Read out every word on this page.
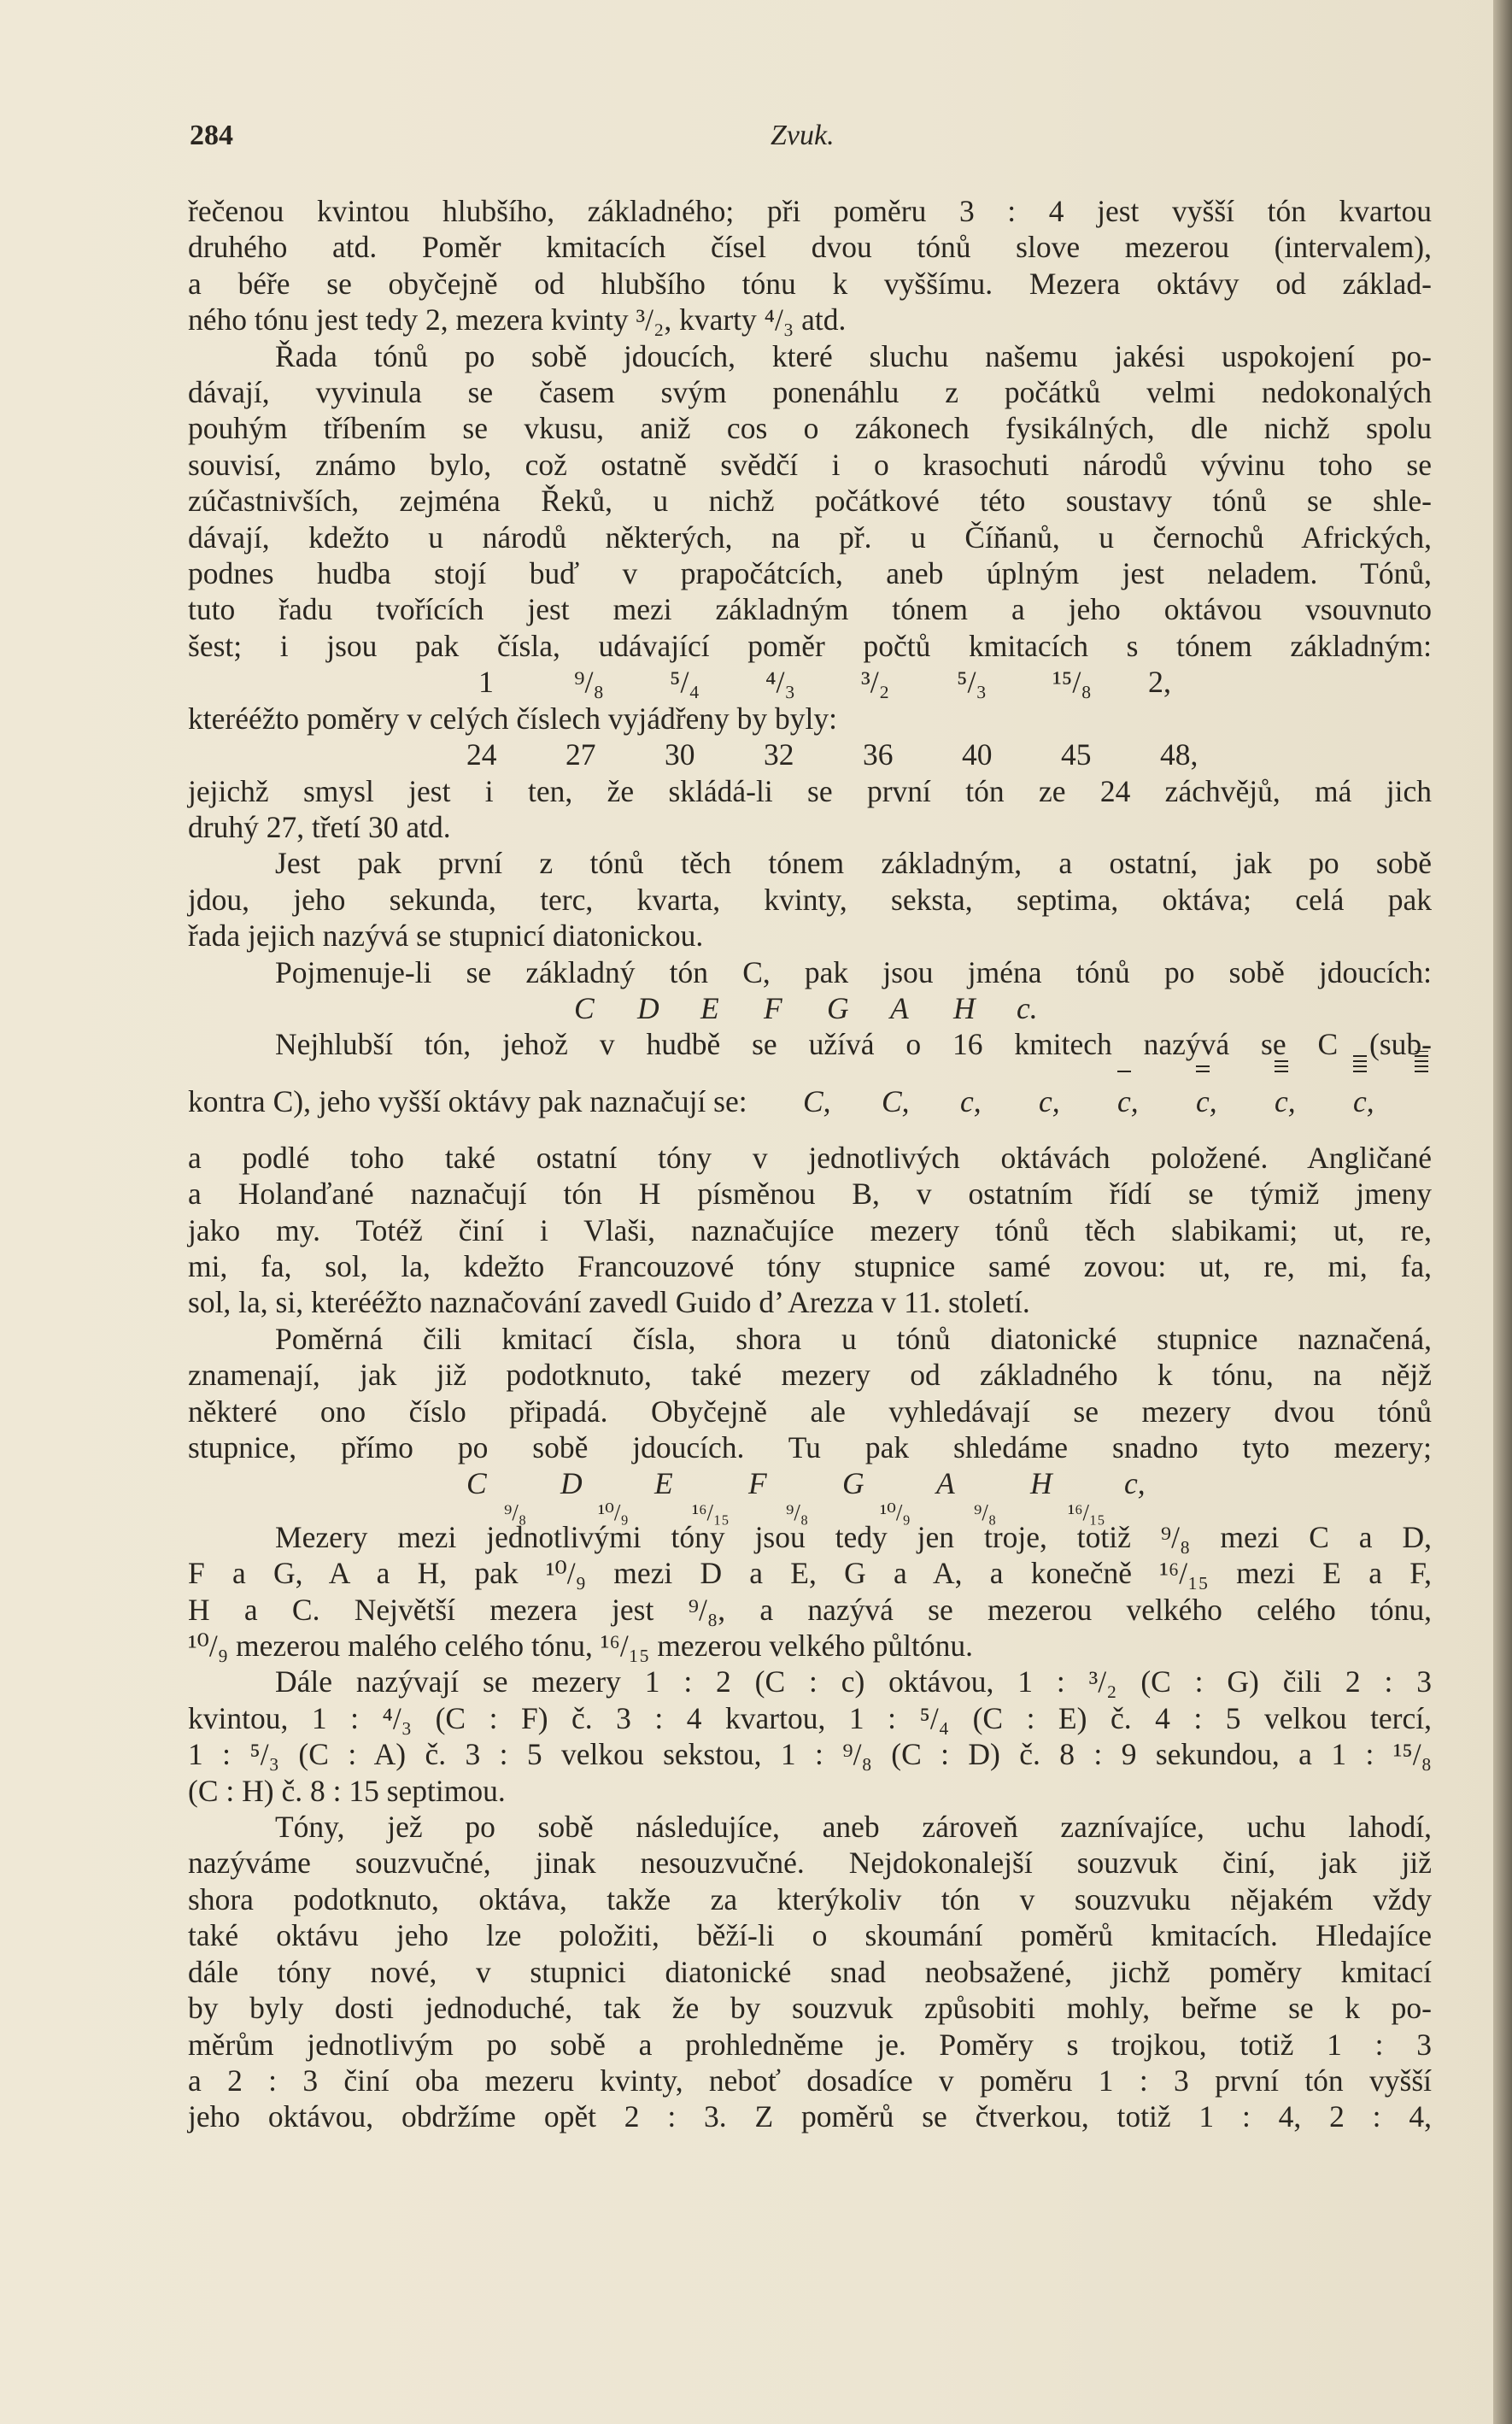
284	Zvuk.
řečenou kvintou hlubšího, základného; při poměru 3 : 4 jest vyšší tón kvartou
druhého atd. Poměr kmitacích čísel dvou tónů slove mezerou (intervalem),
a béře se obyčejně od hlubšího tónu k vyššímu. Mezera oktávy od základ-
ného tónu jest tedy 2, mezera kvinty ³/₂, kvarty ⁴/₃ atd.
Řada tónů po sobě jdoucích, které sluchu našemu jakési uspokojení po-
dávají, vyvinula se časem svým ponenáhlu z počátků velmi nedokonalých
pouhým tříbením se vkusu, aniž cos o zákonech fysikálných, dle nichž spolu
souvisí, známo bylo, což ostatně svědčí i o krasochuti národů vývinu toho se
zúčastnivších, zejména Řeků, u nichž počátkové této soustavy tónů se shle-
dávají, kdežto u národů některých, na př. u Číňanů, u černochů Afrických,
podnes hudba stojí buď v prapočátcích, aneb úplným jest neladem. Tónů,
tuto řadu tvořících jest mezi základným tónem a jeho oktávou vsouvnuto
šest; i jsou pak čísla, udávající poměr počtů kmitacích s tónem základným:
1	⁹/₈	⁵/₄	⁴/₃	³/₂	⁵/₃	¹⁵/₈	2,
kterééžto poměry v celých číslech vyjádřeny by byly:
24	27	30	32	36	40	45	48,
jejichž smysl jest i ten, že skládá-li se první tón ze 24 záchvějů, má jich
druhý 27, třetí 30 atd.
Jest pak první z tónů těch tónem základným, a ostatní, jak po sobě
jdou, jeho sekunda, terc, kvarta, kvinty, seksta, septima, oktáva; celá pak
řada jejich nazývá se stupnicí diatonickou.
Pojmenuje-li se základný tón C, pak jsou jména tónů po sobě jdoucích:
C	D	E	F	G	A	H	c.
Nejhlubší tón, jehož v hudbě se užívá o 16 kmitech nazývá se C (sub-
kontra C), jeho vyšší oktávy pak naznačují se:	C,	C,	c,	c,	c,	c,	c,	c,
a podlé toho také ostatní tóny v jednotlivých oktávách položené. Angličané
a Holanďané naznačují tón H písměnou B, v ostatním řídí se týmiž jmeny
jako my. Totéž činí i Vlaši, naznačujíce mezery tónů těch slabikami; ut, re,
mi, fa, sol, la, kdežto Francouzové tóny stupnice samé zovou: ut, re, mi, fa,
sol, la, si, kterééžto naznačování zavedl Guido d’ Arezza v 11. století.
Poměrná čili kmitací čísla, shora u tónů diatonické stupnice naznačená,
znamenají, jak již podotknuto, také mezery od základného k tónu, na nějž
některé ono číslo připadá. Obyčejně ale vyhledávají se mezery dvou tónů
stupnice, přímo po sobě jdoucích. Tu pak shledáme snadno tyto mezery;
C	D	E	F	G	A	H	c,
⁹/₈	¹⁰/₉	¹⁶/₁₅	⁹/₈	¹⁰/₉	⁹/₈	¹⁶/₁₅
Mezery mezi jednotlivými tóny jsou tedy jen troje, totiž ⁹/₈ mezi C a D,
F a G, A a H, pak ¹⁰/₉ mezi D a E, G a A, a konečně ¹⁶/₁₅ mezi E a F,
H a C. Největší mezera jest ⁹/₈, a nazývá se mezerou velkého celého tónu,
¹⁰/₉ mezerou malého celého tónu, ¹⁶/₁₅ mezerou velkého půltónu.
Dále nazývají se mezery 1 : 2 (C : c) oktávou, 1 : ³/₂ (C : G) čili 2 : 3
kvintou, 1 : ⁴/₃ (C : F) č. 3 : 4 kvartou, 1 : ⁵/₄ (C : E) č. 4 : 5 velkou tercí,
1 : ⁵/₃ (C : A) č. 3 : 5 velkou sekstou, 1 : ⁹/₈ (C : D) č. 8 : 9 sekundou, a 1 : ¹⁵/₈
(C : H) č. 8 : 15 septimou.
Tóny, jež po sobě následujíce, aneb zároveň zaznívajíce, uchu lahodí,
nazýváme souzvučné, jinak nesouzvučné. Nejdokonalejší souzvuk činí, jak již
shora podotknuto, oktáva, takže za kterýkoliv tón v souzvuku nějakém vždy
také oktávu jeho lze položiti, běží-li o skoumání poměrů kmitacích. Hledajíce
dále tóny nové, v stupnici diatonické snad neobsažené, jichž poměry kmitací
by byly dosti jednoduché, tak že by souzvuk způsobiti mohly, beřme se k po-
měrům jednotlivým po sobě a prohledněme je. Poměry s trojkou, totiž 1 : 3
a 2 : 3 činí oba mezeru kvinty, neboť dosadíce v poměru 1 : 3 první tón vyšší
jeho oktávou, obdržíme opět 2 : 3. Z poměrů se čtverkou, totiž 1 : 4, 2 : 4,
